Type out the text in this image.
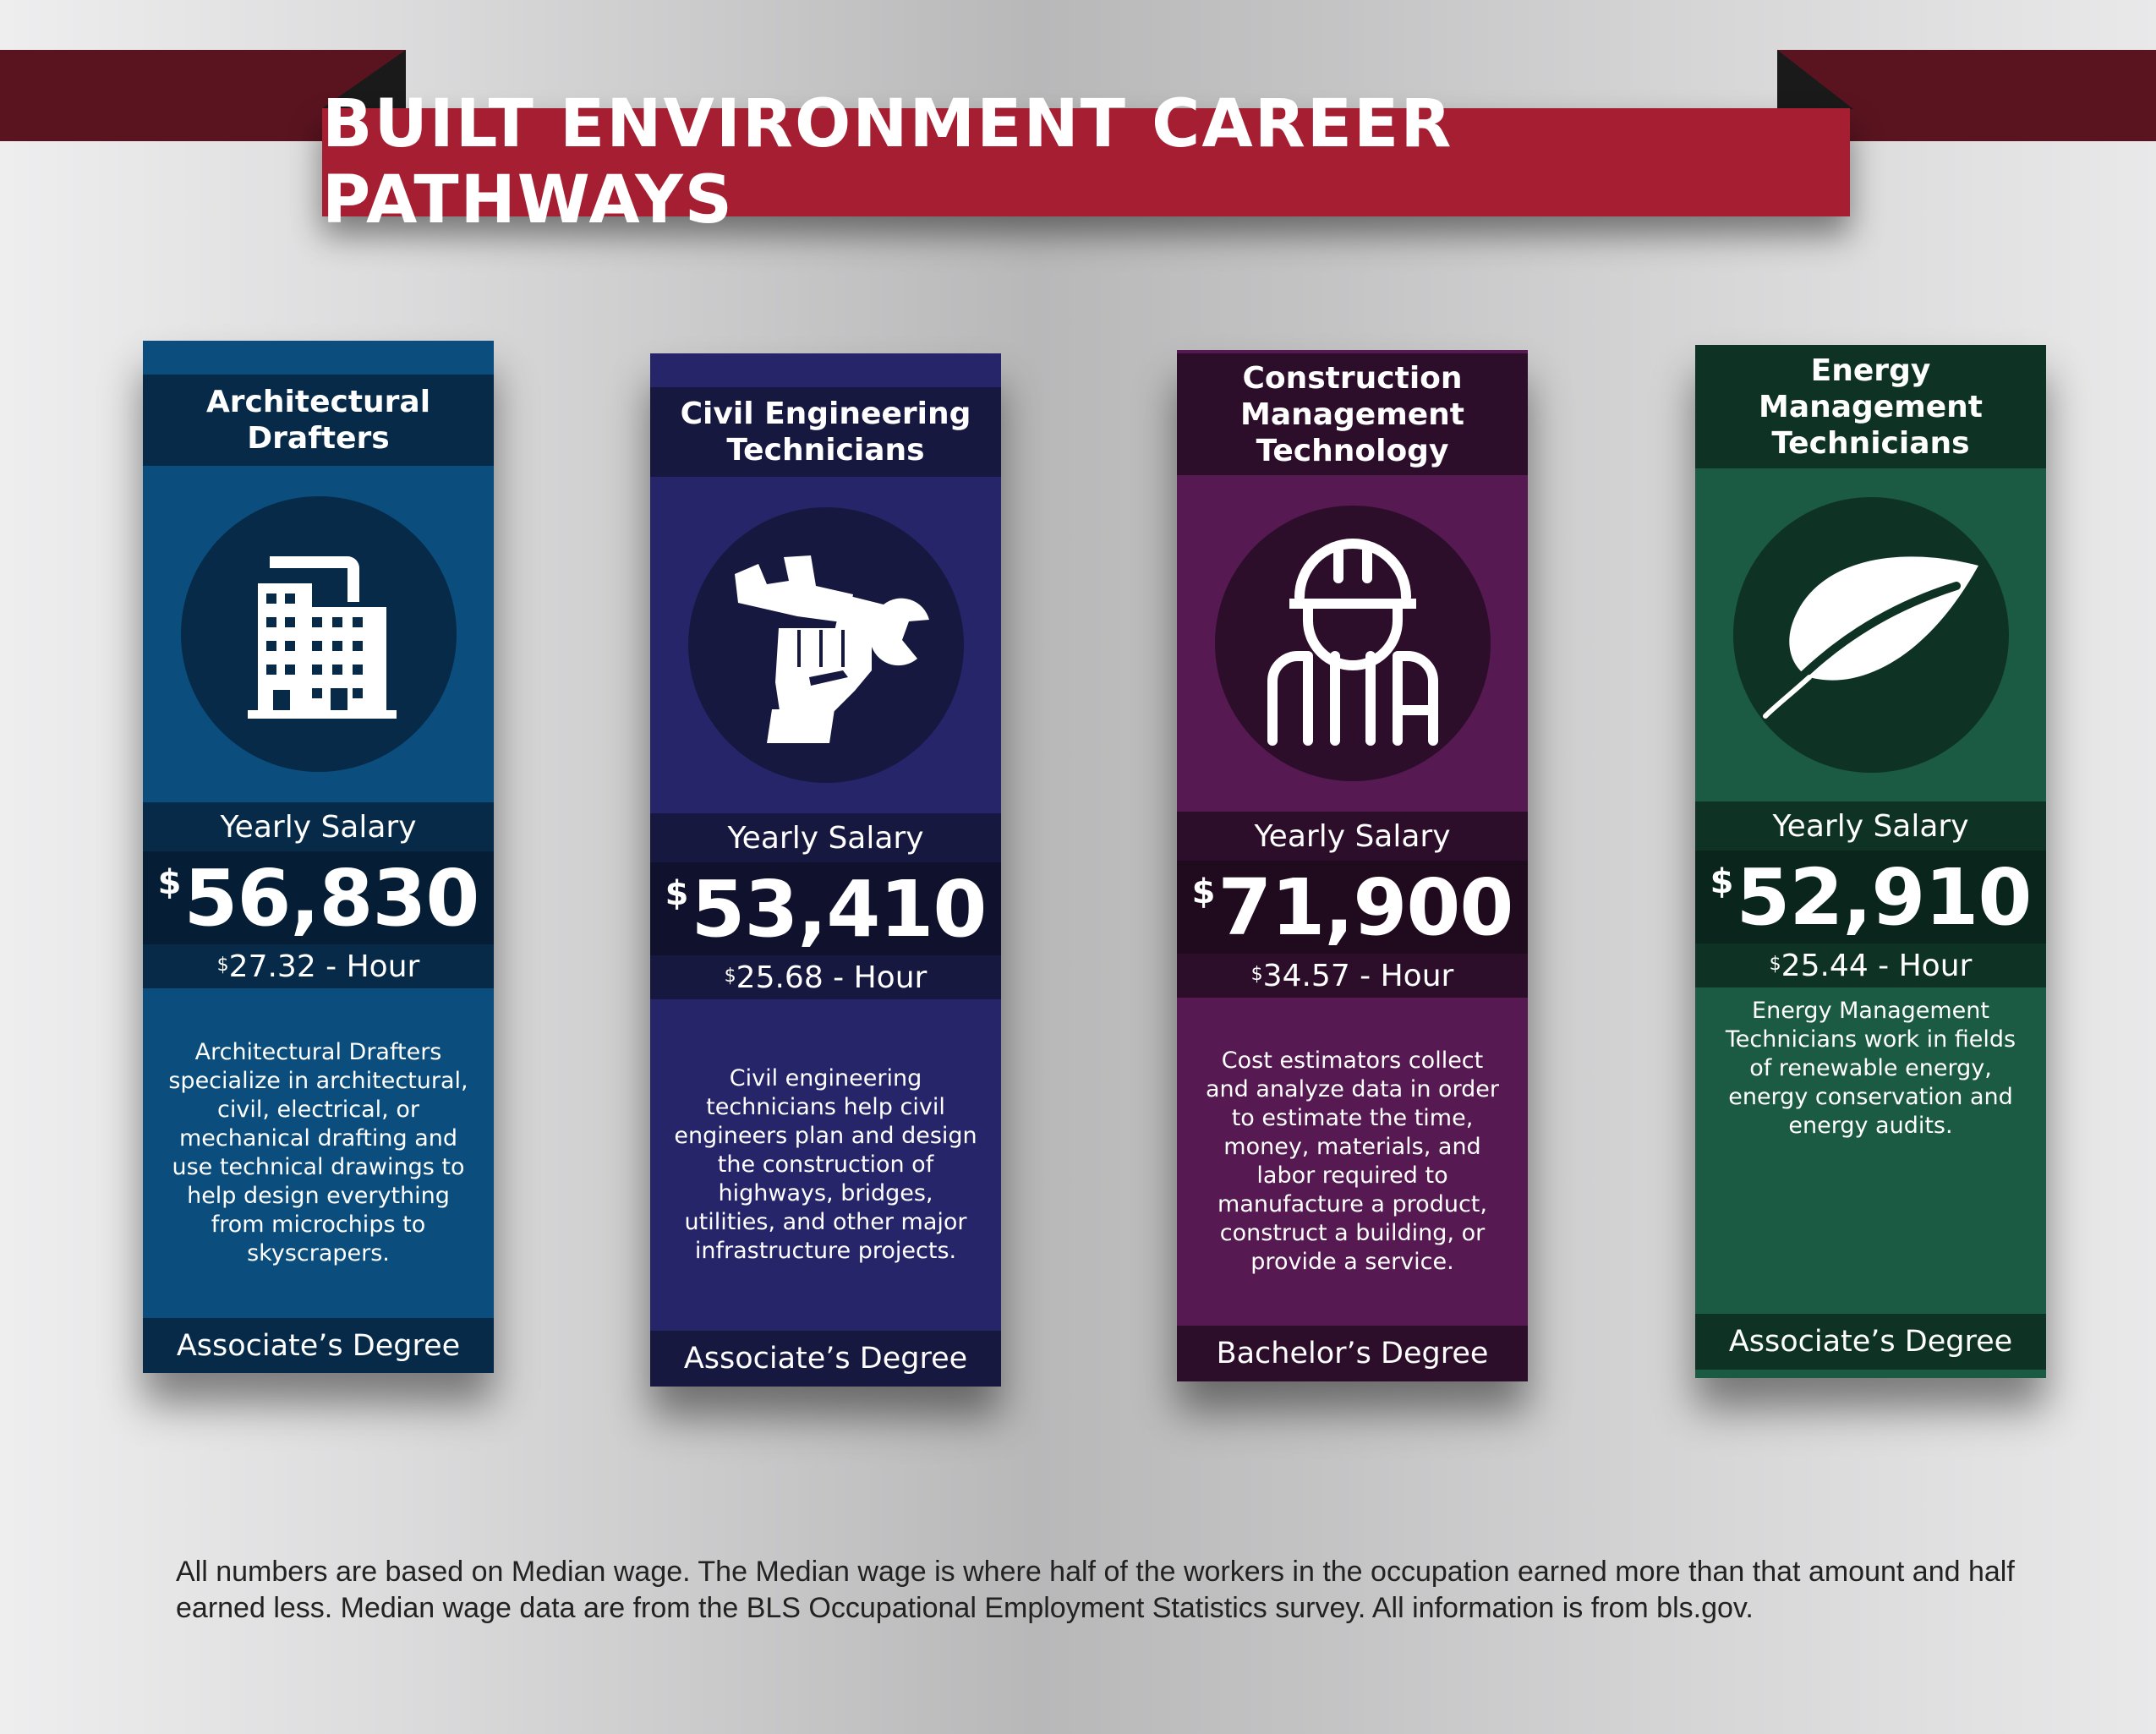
BUILT ENVIRONMENT CAREER PATHWAYS
Architectural Drafters
Yearly Salary
$ 56,830
$ 27.32 - Hour
Architectural Drafters specialize in architectural, civil, electrical, or mechanical drafting and use technical drawings to help design everything from microchips to skyscrapers.
Associate’s Degree
Civil Engineering Technicians
Yearly Salary
$ 53,410
$ 25.68 - Hour
Civil engineering technicians help civil engineers plan and design the construction of highways, bridges, utilities, and other major infrastructure projects.
Associate’s Degree
Construction Management Technology
Yearly Salary
$ 71,900
$ 34.57 - Hour
Cost estimators collect and analyze data in order to estimate the time, money, materials, and labor required to manufacture a product, construct a building, or provide a service.
Bachelor’s Degree
Energy Management Technicians
Yearly Salary
$ 52,910
$ 25.44 - Hour
Energy Management Technicians work in fields of renewable energy, energy conservation and energy audits.
Associate’s Degree
All numbers are based on Median wage. The Median wage is where half of the workers in the occupation earned more than that amount and half earned less. Median wage data are from the BLS Occupational Employment Statistics survey. All information is from bls.gov.
